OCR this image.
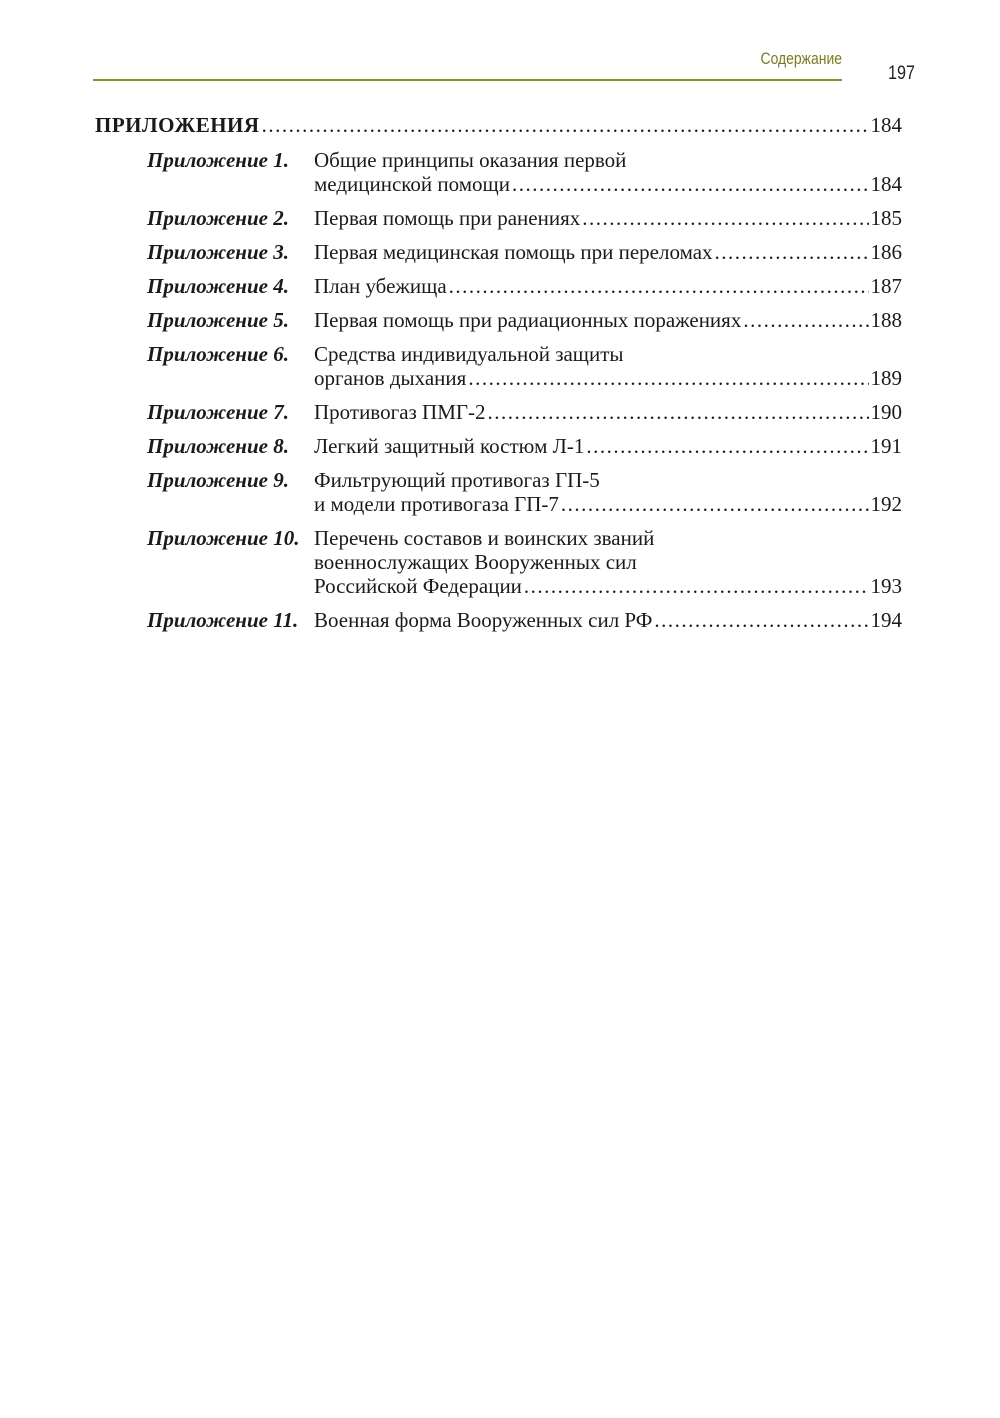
Содержание
197
ПРИЛОЖЕНИЯ .....	184
Приложение 1.	Общие принципы оказания первой
медицинской помощи .....	184
Приложение 2.	Первая помощь при ранениях .....	185
Приложение 3.	Первая медицинская помощь при переломах .....	186
Приложение 4.	План убежища .....	187
Приложение 5.	Первая помощь при радиационных поражениях .....	188
Приложение 6.	Средства индивидуальной защиты
органов дыхания .....	189
Приложение 7.	Противогаз ПМГ-2 .....	190
Приложение 8.	Легкий защитный костюм Л-1 .....	191
Приложение 9.	Фильтрующий противогаз ГП-5
и модели противогаза ГП-7 .....	192
Приложение 10. Перечень составов и воинских званий
военнослужащих Вооруженных сил
Российской Федерации .....	193
Приложение 11. Военная форма Вооруженных сил РФ .....	194
